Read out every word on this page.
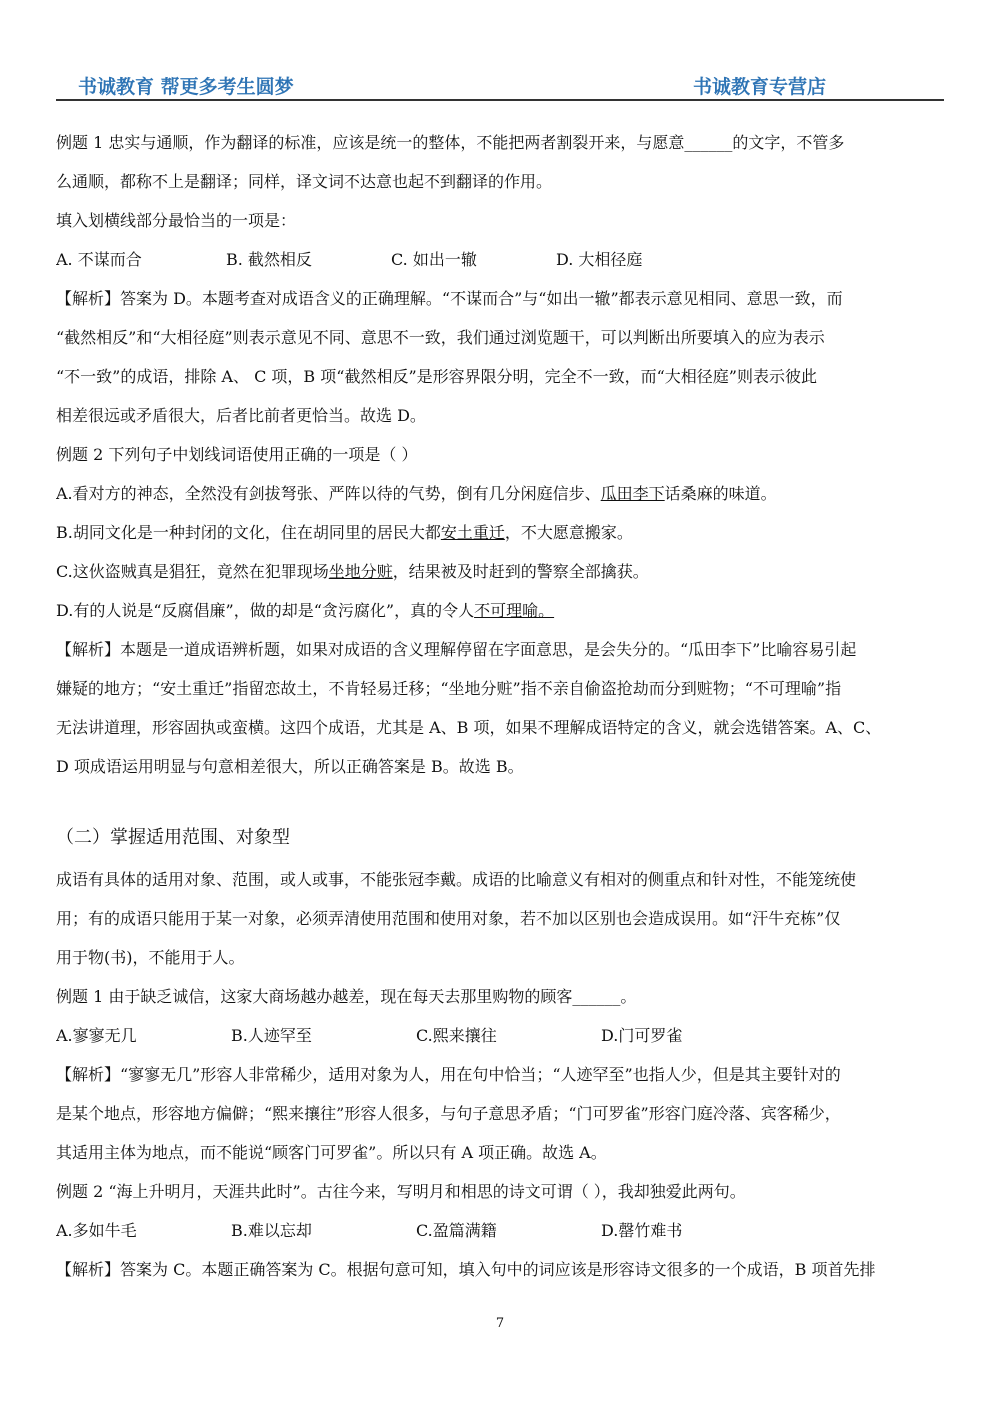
书诚教育 帮更多考生圆梦	书诚教育专营店
例题 1 忠实与通顺，作为翻译的标准，应该是统一的整体，不能把两者割裂开来，与愿意______的文字，不管多
么通顺，都称不上是翻译；同样，译文词不达意也起不到翻译的作用。
填入划横线部分最恰当的一项是：
A. 不谋而合	B. 截然相反	C. 如出一辙	D. 大相径庭
【解析】答案为 D。本题考查对成语含义的正确理解。“不谋而合”与“如出一辙”都表示意见相同、意思一致，而
“截然相反”和“大相径庭”则表示意见不同、意思不一致，我们通过浏览题干，可以判断出所要填入的应为表示
“不一致”的成语，排除 A、 C 项，B 项“截然相反”是形容界限分明，完全不一致，而“大相径庭”则表示彼此
相差很远或矛盾很大，后者比前者更恰当。故选 D。
例题 2 下列句子中划线词语使用正确的一项是（ ）
A.看对方的神态，全然没有剑拔弩张、严阵以待的气势，倒有几分闲庭信步、瓜田李下话桑麻的味道。
B.胡同文化是一种封闭的文化，住在胡同里的居民大都安土重迁，不大愿意搬家。
C.这伙盗贼真是猖狂，竟然在犯罪现场坐地分赃，结果被及时赶到的警察全部擒获。
D.有的人说是“反腐倡廉”，做的却是“贪污腐化”，真的令人不可理喻。
【解析】本题是一道成语辨析题，如果对成语的含义理解停留在字面意思，是会失分的。“瓜田李下”比喻容易引起
嫌疑的地方；“安土重迁”指留恋故土，不肯轻易迁移；“坐地分赃”指不亲自偷盗抢劫而分到赃物；“不可理喻”指
无法讲道理，形容固执或蛮横。这四个成语，尤其是 A、B 项，如果不理解成语特定的含义，就会选错答案。A、C、
D 项成语运用明显与句意相差很大，所以正确答案是 B。故选 B。
（二）掌握适用范围、对象型
成语有具体的适用对象、范围，或人或事，不能张冠李戴。成语的比喻意义有相对的侧重点和针对性，不能笼统使
用；有的成语只能用于某一对象，必须弄清使用范围和使用对象，若不加以区别也会造成误用。如“汗牛充栋”仅
用于物(书)，不能用于人。
例题 1 由于缺乏诚信，这家大商场越办越差，现在每天去那里购物的顾客______。
A.寥寥无几	B.人迹罕至	C.熙来攘往	D.门可罗雀
【解析】“寥寥无几”形容人非常稀少，适用对象为人，用在句中恰当；“人迹罕至”也指人少，但是其主要针对的
是某个地点，形容地方偏僻；“熙来攘往”形容人很多，与句子意思矛盾；“门可罗雀”形容门庭冷落、宾客稀少，
其适用主体为地点，而不能说“顾客门可罗雀”。所以只有 A 项正确。故选 A。
例题 2 “海上升明月，天涯共此时”。古往今来，写明月和相思的诗文可谓（ ），我却独爱此两句。
A.多如牛毛	B.难以忘却	C.盈篇满籍	D.罄竹难书
【解析】答案为 C。本题正确答案为 C。根据句意可知，填入句中的词应该是形容诗文很多的一个成语，B 项首先排
7
